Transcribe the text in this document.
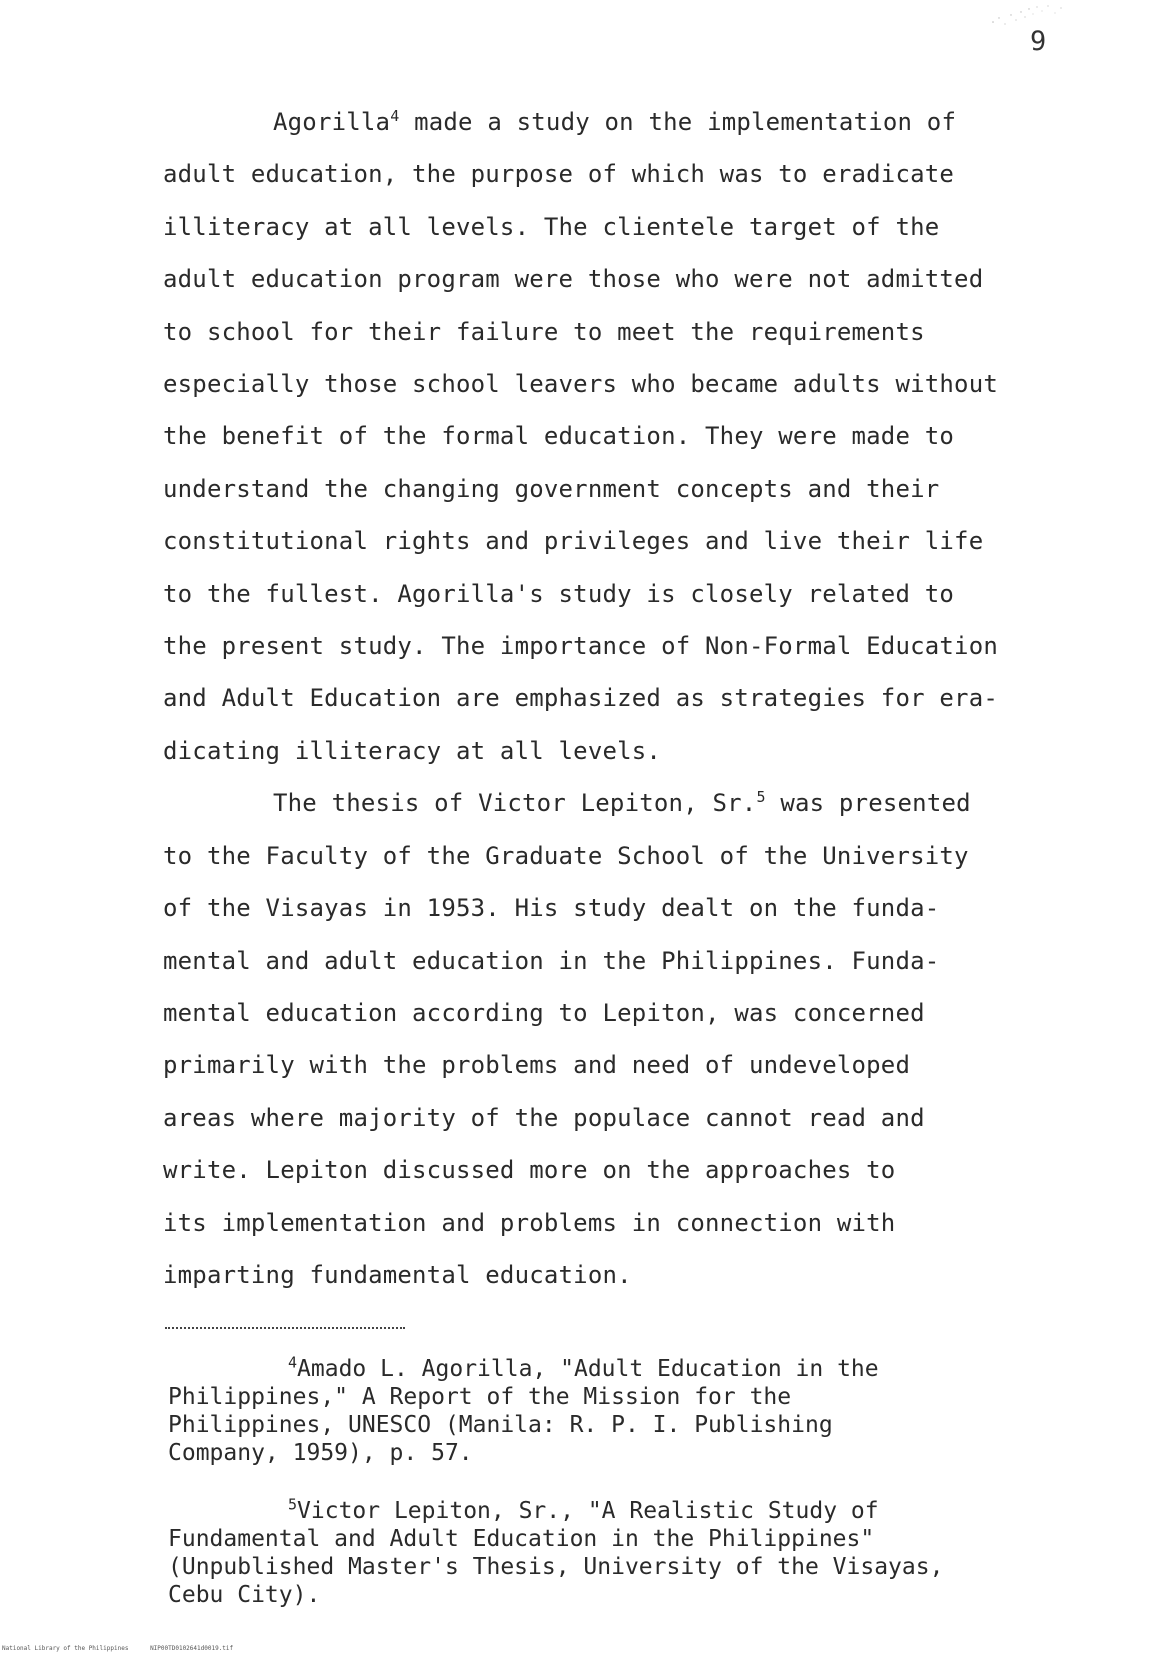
9

Agorilla$^4$ made a study on the implementation of
adult education, the purpose of which was to eradicate
illiteracy at all levels. The clientele target of the
adult education program were those who were not admitted
to school for their failure to meet the requirements
especially those school leavers who became adults without
the benefit of the formal education. They were made to
understand the changing government concepts and their
constitutional rights and privileges and live their life
to the fullest. Agorilla's study is closely related to
the present study. The importance of Non-Formal Education
and Adult Education are emphasized as strategies for era-
dicating illiteracy at all levels.

The thesis of Victor Lepiton, Sr.$^5$ was presented
to the Faculty of the Graduate School of the University
of the Visayas in 1953. His study dealt on the funda-
mental and adult education in the Philippines. Funda-
mental education according to Lepiton, was concerned
primarily with the problems and need of undeveloped
areas where majority of the populace cannot read and
write. Lepiton discussed more on the approaches to
its implementation and problems in connection with
imparting fundamental education.

$^4$Amado L. Agorilla, "Adult Education in the
Philippines," A Report of the Mission for the
Philippines, UNESCO (Manila: R. P. I. Publishing
Company, 1959), p. 57.

$^5$Victor Lepiton, Sr., "A Realistic Study of
Fundamental and Adult Education in the Philippines"
(Unpublished Master's Thesis, University of the Visayas,
Cebu City).

National Library of the Philippines	NIP00TD0102641d0019.tif
